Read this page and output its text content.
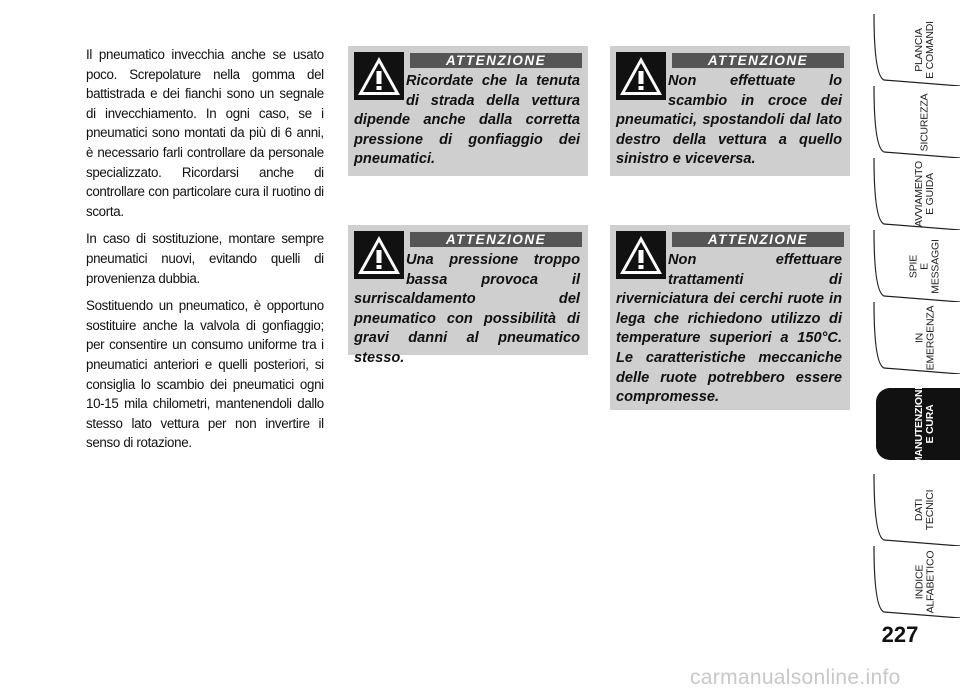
Il pneumatico invecchia anche se usato poco. Screpolature nella gomma del battistrada e dei fianchi sono un segnale di invecchiamento. In ogni caso, se i pneumatici sono montati da più di 6 anni, è necessario farli controllare da personale specializzato. Ricordarsi anche di controllare con particolare cura il ruotino di scorta.

In caso di sostituzione, montare sempre pneumatici nuovi, evitando quelli di provenienza dubbia.

Sostituendo un pneumatico, è opportuno sostituire anche la valvola di gonfiaggio; per consentire un consumo uniforme tra i pneumatici anteriori e quelli posteriori, si consiglia lo scambio dei pneumatici ogni 10-15 mila chilometri, mantenendoli dallo stesso lato vettura per non invertire il senso di rotazione.

ATTENZIONE
Ricordate che la tenuta di strada della vettura dipende anche dalla corretta pressione di gonfiaggio dei pneumatici.
ATTENZIONE
Non effettuate lo scambio in croce dei pneumatici, spostandoli dal lato destro della vettura a quello sinistro e viceversa.
ATTENZIONE
Una pressione troppo bassa provoca il surriscaldamento del pneumatico con possibilità di gravi danni al pneumatico stesso.
ATTENZIONE
Non effettuare trattamenti di riverniciatura dei cerchi ruote in lega che richiedono utilizzo di temperature superiori a 150°C. Le caratteristiche meccaniche delle ruote potrebbero essere compromesse.
PLANCIA
E COMANDI
SICUREZZA
AVVIAMENTO
E GUIDA
SPIE
E MESSAGGI
IN EMERGENZA
MANUTENZIONE
E CURA
DATI TECNICI
INDICE
ALFABETICO
227
carmanualsonline.info
